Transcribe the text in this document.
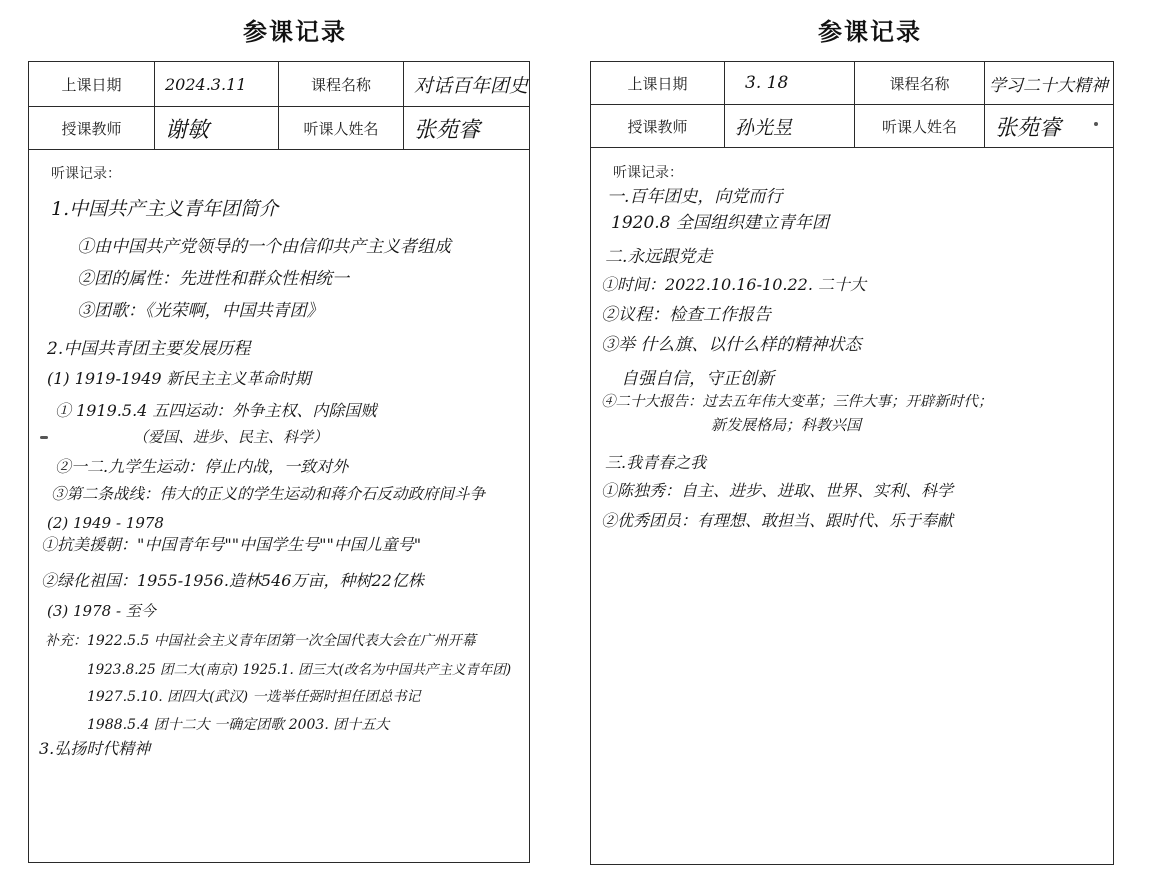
参课记录
上课日期	2024.3.11	课程名称	对话百年团史
授课教师	谢敏	听课人姓名	张苑睿
听课记录：
1.中国共产主义青年团简介
①由中国共产党领导的一个由信仰共产主义者组成
②团的属性：先进性和群众性相统一
③团歌：《光荣啊，中国共青团》
2.中国共青团主要发展历程
(1) 1919-1949 新民主主义革命时期
① 1919.5.4 五四运动：外争主权、内除国贼
（爱国、进步、民主、科学）
②一二.九学生运动：停止内战，一致对外
③第二条战线：伟大的正义的学生运动和蒋介石反动政府间斗争
(2) 1949 - 1978
①抗美援朝："中国青年号""中国学生号""中国儿童号"
②绿化祖国：1955-1956.造林546万亩，种树22亿株
(3) 1978 - 至今
补充：1922.5.5 中国社会主义青年团第一次全国代表大会在广州开幕
1923.8.25 团二大(南京) 1925.1. 团三大(改名为中国共产主义青年团)
1927.5.10. 团四大(武汉) 一选举任弼时担任团总书记
1988.5.4 团十二大 一确定团歌 2003. 团十五大
3.弘扬时代精神
参课记录
上课日期	3. 18	课程名称	学习二十大精神
授课教师	孙光昱	听课人姓名	张苑睿
听课记录：
一.百年团史，向党而行
1920.8 全国组织建立青年团
二.永远跟党走
①时间：2022.10.16-10.22. 二十大
②议程：检查工作报告
③举 什么旗、以什么样的精神状态
自强自信，守正创新
④二十大报告：过去五年伟大变革；三件大事；开辟新时代；
新发展格局；科教兴国
三.我青春之我
①陈独秀：自主、进步、进取、世界、实利、科学
②优秀团员：有理想、敢担当、跟时代、乐于奉献
